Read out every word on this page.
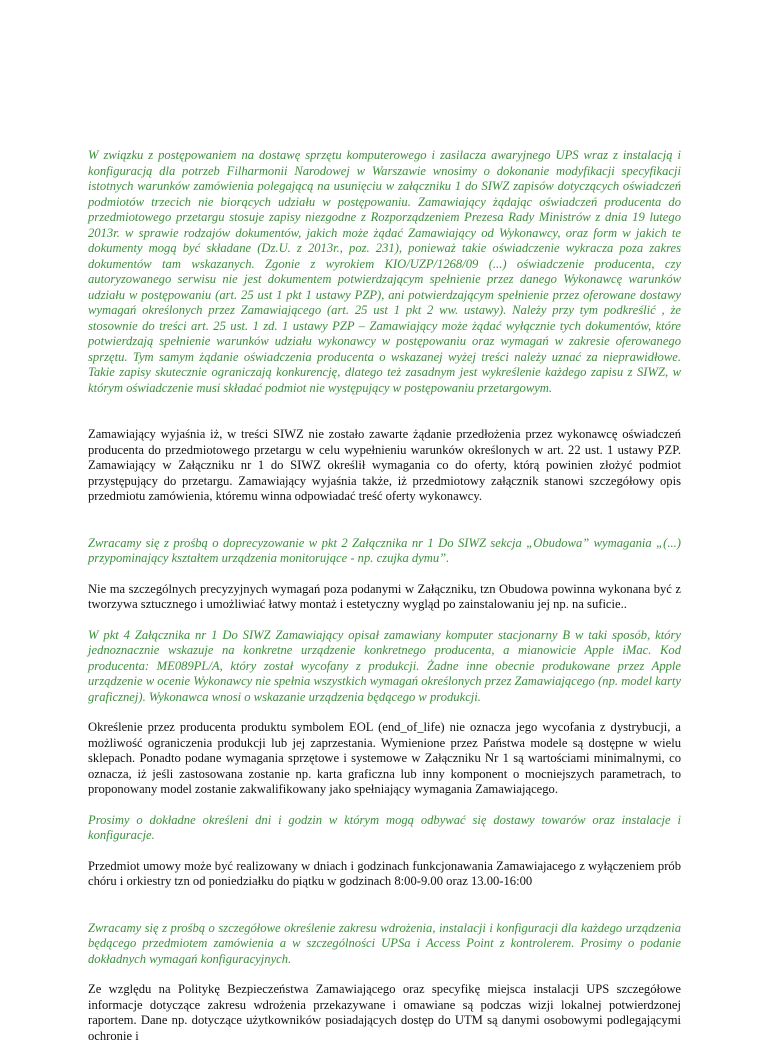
W związku z postępowaniem na dostawę sprzętu komputerowego i zasilacza awaryjnego UPS wraz z instalacją i konfiguracją dla potrzeb Filharmonii Narodowej w Warszawie wnosimy o dokonanie modyfikacji specyfikacji istotnych warunków zamówienia polegającą na usunięciu w załączniku 1 do SIWZ zapisów dotyczących oświadczeń podmiotów trzecich nie biorących udziału w postępowaniu. Zamawiający żądając oświadczeń producenta do przedmiotowego przetargu stosuje zapisy niezgodne z Rozporządzeniem Prezesa Rady Ministrów z dnia 19 lutego 2013r. w sprawie rodzajów dokumentów, jakich może żądać Zamawiający od Wykonawcy, oraz form w jakich te dokumenty mogą być składane (Dz.U. z 2013r., poz. 231), ponieważ takie oświadczenie wykracza poza zakres dokumentów tam wskazanych. Zgonie z wyrokiem KIO/UZP/1268/09 (...) oświadczenie producenta, czy autoryzowanego serwisu nie jest dokumentem potwierdzającym spełnienie przez danego Wykonawcę warunków udziału w postępowaniu (art. 25 ust 1 pkt 1 ustawy PZP), ani potwierdzającym spełnienie przez oferowane dostawy wymagań określonych przez Zamawiającego (art. 25 ust 1 pkt 2 ww. ustawy). Należy przy tym podkreślić , że stosownie do treści art. 25 ust. 1 zd. 1 ustawy PZP – Zamawiający może żądać wyłącznie tych dokumentów, które potwierdzają spełnienie warunków udziału wykonawcy w postępowaniu oraz wymagań w zakresie oferowanego sprzętu. Tym samym żądanie oświadczenia producenta o wskazanej wyżej treści należy uznać za nieprawidłowe. Takie zapisy skutecznie ograniczają konkurencję, dlatego też zasadnym jest wykreślenie każdego zapisu z SIWZ, w którym oświadczenie musi składać podmiot nie występujący w postępowaniu przetargowym.

Zamawiający wyjaśnia iż, w treści SIWZ nie zostało zawarte żądanie przedłożenia przez wykonawcę oświadczeń producenta do przedmiotowego przetargu w celu wypełnieniu warunków określonych w art. 22 ust. 1 ustawy PZP. Zamawiający w Załączniku nr 1 do SIWZ określił wymagania co do oferty, którą powinien złożyć podmiot przystępujący do przetargu. Zamawiający wyjaśnia także, iż przedmiotowy załącznik stanowi szczegółowy opis przedmiotu zamówienia, któremu winna odpowiadać treść oferty wykonawcy.

Zwracamy się z prośbą o doprecyzowanie w pkt 2 Załącznika nr 1 Do SIWZ sekcja „Obudowa” wymagania „(...) przypominający kształtem urządzenia monitorujące - np. czujka dymu”.

Nie ma szczególnych precyzyjnych wymagań poza podanymi w Załączniku, tzn Obudowa powinna wykonana być z tworzywa sztucznego i umożliwiać łatwy montaż i estetyczny wygląd po zainstalowaniu jej np. na suficie..

W pkt 4 Załącznika nr 1 Do SIWZ Zamawiający opisał zamawiany komputer stacjonarny B w taki sposób, który jednoznacznie wskazuje na konkretne urządzenie konkretnego producenta, a mianowicie Apple iMac. Kod producenta: ME089PL/A, który został wycofany z produkcji. Żadne inne obecnie produkowane przez Apple urządzenie w ocenie Wykonawcy nie spełnia wszystkich wymagań określonych przez Zamawiającego (np. model karty graficznej). Wykonawca wnosi o wskazanie urządzenia będącego w produkcji.

Określenie przez producenta produktu symbolem EOL (end_of_life) nie oznacza jego wycofania z dystrybucji, a możliwość ograniczenia produkcji lub jej zaprzestania. Wymienione przez Państwa modele są dostępne w wielu sklepach. Ponadto podane wymagania sprzętowe i systemowe w Załączniku Nr 1 są wartościami minimalnymi, co oznacza, iż jeśli zastosowana zostanie np. karta graficzna lub inny komponent o mocniejszych parametrach, to proponowany model zostanie zakwalifikowany jako spełniający wymagania Zamawiającego.

Prosimy o dokładne określeni dni i godzin w którym mogą odbywać się dostawy towarów oraz instalacje i konfiguracje.

Przedmiot umowy może być realizowany w dniach i godzinach funkcjonawania Zamawiajacego z wyłączeniem prób chóru i orkiestry tzn od poniedziałku do piątku w godzinach 8:00-9.00 oraz 13.00-16:00

Zwracamy się z prośbą o szczegółowe określenie zakresu wdrożenia, instalacji i konfiguracji dla każdego urządzenia będącego przedmiotem zamówienia a w szczególności UPSa i Access Point z kontrolerem. Prosimy o podanie dokładnych wymagań konfiguracyjnych.

Ze względu na Politykę Bezpieczeństwa Zamawiającego oraz specyfikę miejsca instalacji UPS szczegółowe informacje dotyczące zakresu wdrożenia przekazywane i omawiane są podczas wizji lokalnej potwierdzonej raportem. Dane np. dotyczące użytkowników posiadających dostęp do UTM są danymi osobowymi podlegającymi ochronie i
